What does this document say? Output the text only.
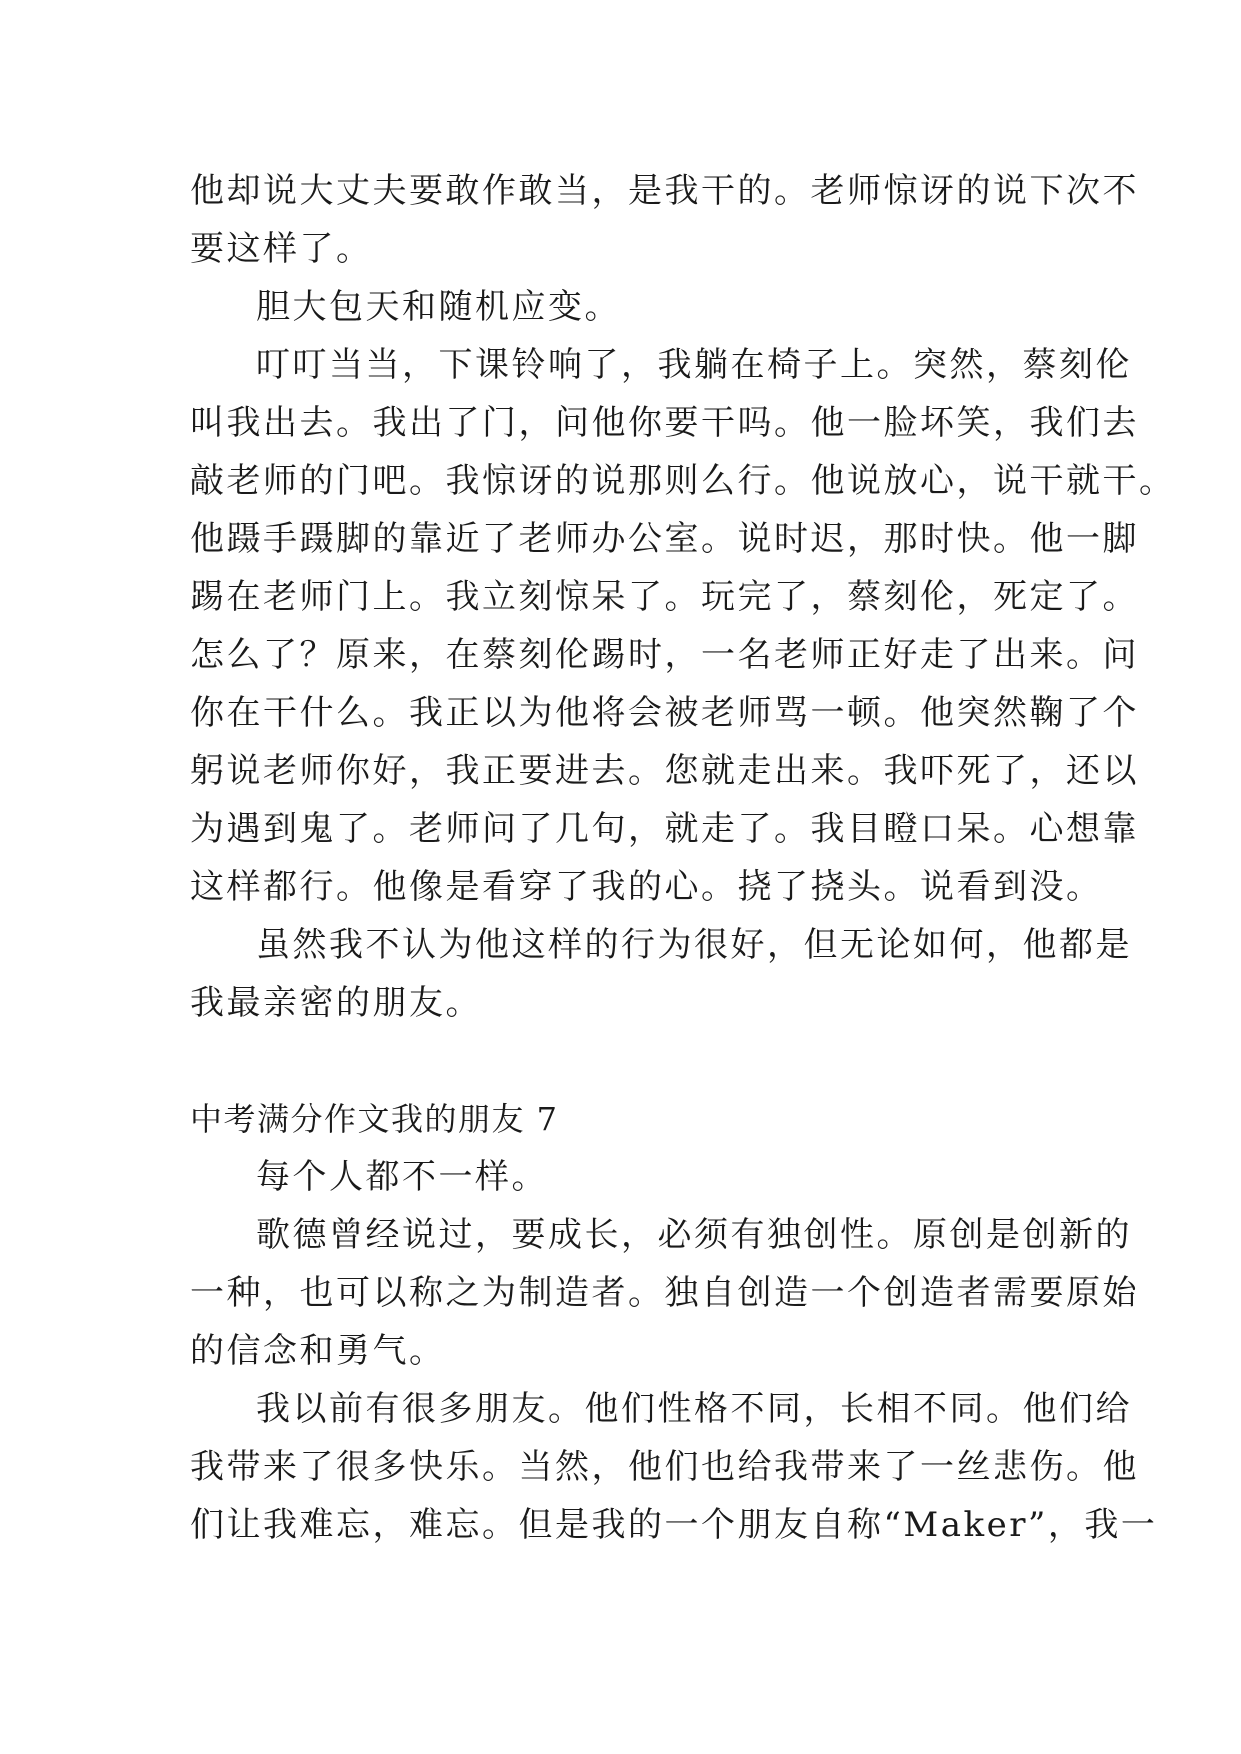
他却说大丈夫要敢作敢当，是我干的。老师惊讶的说下次不
要这样了。
胆大包天和随机应变。
叮叮当当，下课铃响了，我躺在椅子上。突然，蔡刻伦
叫我出去。我出了门，问他你要干吗。他一脸坏笑，我们去
敲老师的门吧。我惊讶的说那则么行。他说放心，说干就干。
他蹑手蹑脚的靠近了老师办公室。说时迟，那时快。他一脚
踢在老师门上。我立刻惊呆了。玩完了，蔡刻伦，死定了。
怎么了？原来，在蔡刻伦踢时，一名老师正好走了出来。问
你在干什么。我正以为他将会被老师骂一顿。他突然鞠了个
躬说老师你好，我正要进去。您就走出来。我吓死了，还以
为遇到鬼了。老师问了几句，就走了。我目瞪口呆。心想靠
这样都行。他像是看穿了我的心。挠了挠头。说看到没。
虽然我不认为他这样的行为很好，但无论如何，他都是
我最亲密的朋友。
中考满分作文我的朋友 7
每个人都不一样。
歌德曾经说过，要成长，必须有独创性。原创是创新的
一种，也可以称之为制造者。独自创造一个创造者需要原始
的信念和勇气。
我以前有很多朋友。他们性格不同，长相不同。他们给
我带来了很多快乐。当然，他们也给我带来了一丝悲伤。他
们让我难忘，难忘。但是我的一个朋友自称“Maker”，我一
